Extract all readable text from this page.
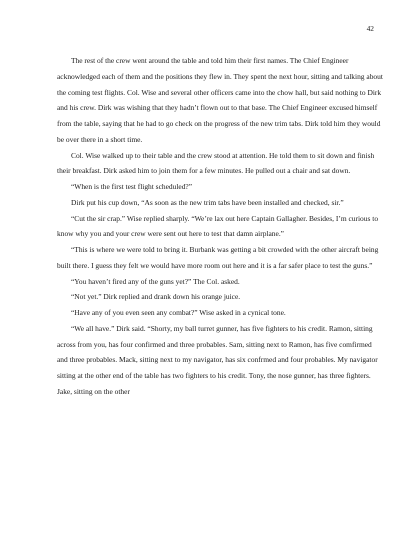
42

The rest of the crew went around the table and told him their first names. The Chief Engineer acknowledged each of them and the positions they flew in. They spent the next hour, sitting and talking about the coming test flights. Col. Wise and several other officers came into the chow hall, but said nothing to Dirk and his crew. Dirk was wishing that they hadn’t flown out to that base. The Chief Engineer excused himself from the table, saying that he had to go check on the progress of the new trim tabs. Dirk told him they would be over there in a short time.

Col. Wise walked up to their table and the crew stood at attention. He told them to sit down and finish their breakfast. Dirk asked him to join them for a few minutes. He pulled out a chair and sat down.

“When is the first test flight scheduled?”

Dirk put his cup down, “As soon as the new trim tabs have been installed and checked, sir.”

“Cut the sir crap.” Wise replied sharply. “We’re lax out here Captain Gallagher. Besides, I’m curious to know why you and your crew were sent out here to test that damn airplane.”

“This is where we were told to bring it. Burbank was getting a bit crowded with the other aircraft being built there. I guess they felt we would have more room out here and it is a far safer place to test the guns.”

“You haven’t fired any of the guns yet?” The Col. asked.

“Not yet.” Dirk replied and drank down his orange juice.

“Have any of you even seen any combat?” Wise asked in a cynical tone.

“We all have.” Dirk said. “Shorty, my ball turret gunner, has five fighters to his credit. Ramon, sitting across from you, has four confirmed and three probables. Sam, sitting next to Ramon, has five comfirmed and three probables. Mack, sitting next to my navigator, has six confrmed and four probables. My navigator sitting at the other end of the table has two fighters to his credit. Tony, the nose gunner, has three fighters. Jake, sitting on the other
